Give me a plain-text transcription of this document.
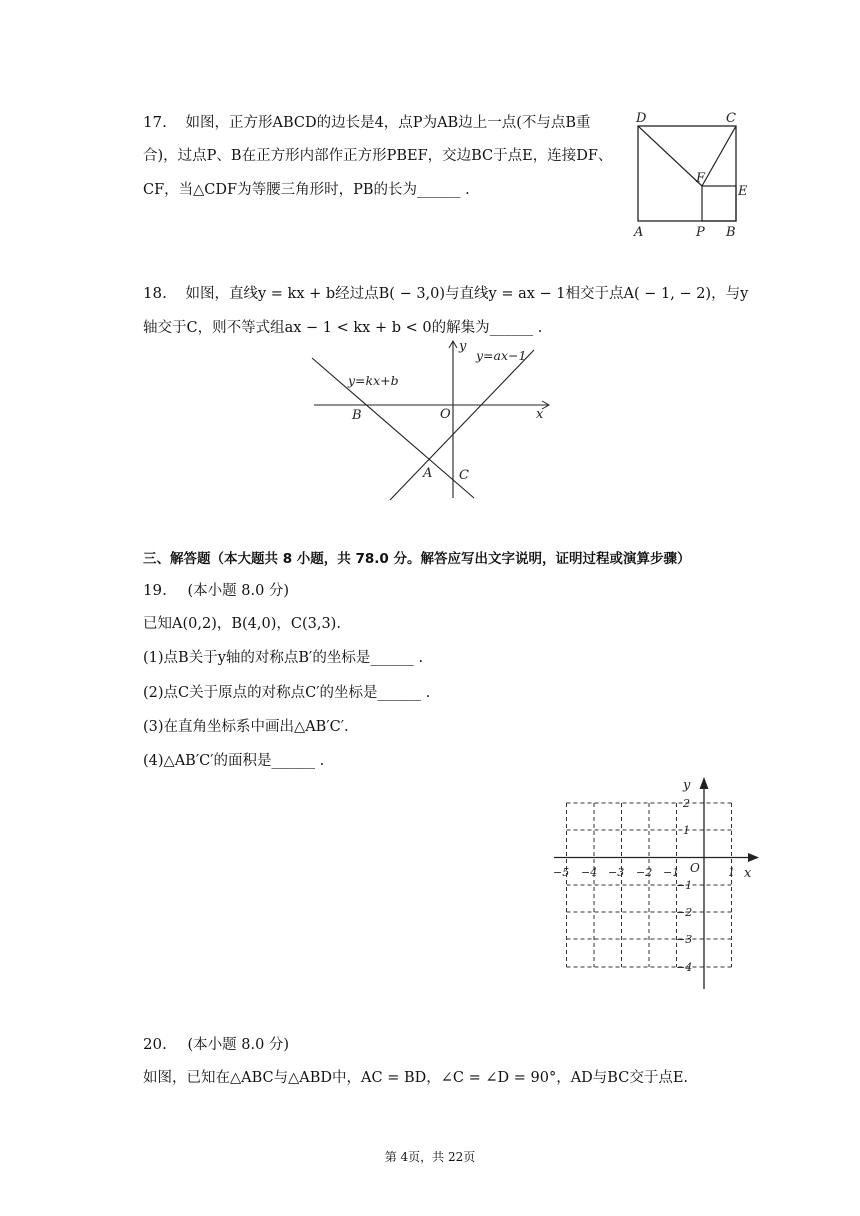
17. 如图，正方形ABCD的边长是4，点P为AB边上一点(不与点B重
合)，过点P、B在正方形内部作正方形PBEF，交边BC于点E，连接DF、
CF，当△CDF为等腰三角形时，PB的长为______ .
D	C
F
E
A	P B
18. 如图，直线y = kx + b经过点B( − 3,0)与直线y = ax − 1相交于点A( − 1, − 2)，与y
轴交于C，则不等式组ax − 1 < kx + b < 0的解集为______ .
y
x
O
B
A C
y=kx+b
y=ax−1
三、解答题（本大题共 8 小题，共 78.0 分。解答应写出文字说明，证明过程或演算步骤）
19. (本小题 8.0 分)
已知A(0,2)，B(4,0)，C(3,3).
(1)点B关于y轴的对称点B′的坐标是______ .
(2)点C关于原点的对称点C′的坐标是______ .
(3)在直角坐标系中画出△AB′C′.
(4)△AB′C′的面积是______ .
y
x
O
−5 −4 −3 −2 −1	1
2
1
−1
−2
−3
−4
20. (本小题 8.0 分)
如图，已知在△ABC与△ABD中，AC = BD，∠C = ∠D = 90°，AD与BC交于点E.
第 4页，共 22页
